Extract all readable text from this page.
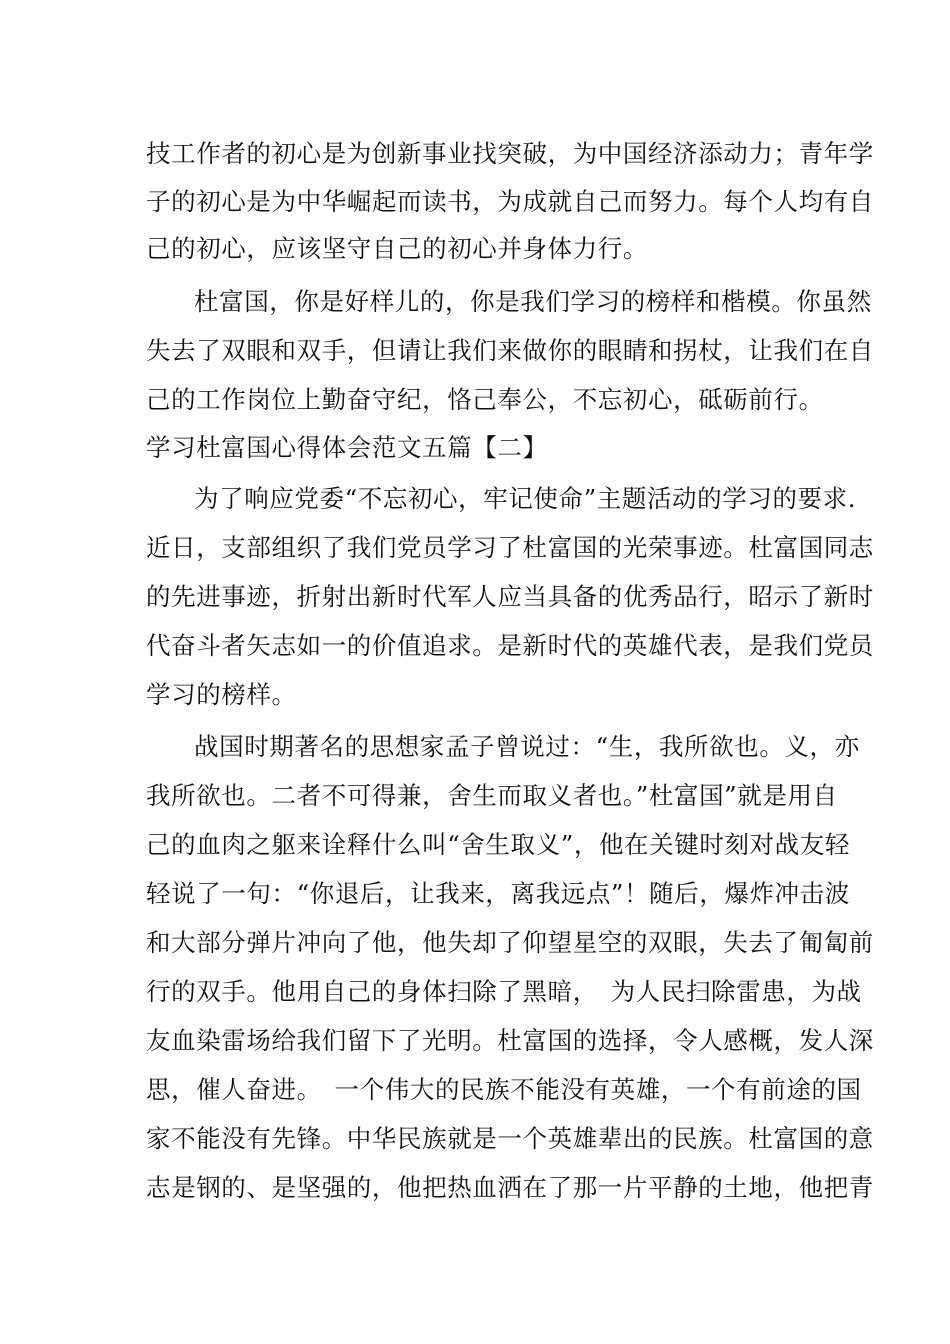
技工作者的初心是为创新事业找突破，为中国经济添动力；青年学
子的初心是为中华崛起而读书，为成就自己而努力。每个人均有自
己的初心，应该坚守自己的初心并身体力行。
杜富国，你是好样儿的，你是我们学习的榜样和楷模。你虽然
失去了双眼和双手，但请让我们来做你的眼睛和拐杖，让我们在自
己的工作岗位上勤奋守纪，恪己奉公，不忘初心，砥砺前行。
学习杜富国心得体会范文五篇【二】
为了响应党委“不忘初心，牢记使命”主题活动的学习的要求.
近日，支部组织了我们党员学习了杜富国的光荣事迹。杜富国同志
的先进事迹，折射出新时代军人应当具备的优秀品行，昭示了新时
代奋斗者矢志如一的价值追求。是新时代的英雄代表，是我们党员
学习的榜样。
战国时期著名的思想家孟子曾说过：“生，我所欲也。义，亦
我所欲也。二者不可得兼，舍生而取义者也。”杜富国”就是用自
己的血肉之躯来诠释什么叫“舍生取义”，他在关键时刻对战友轻
轻说了一句：“你退后，让我来，离我远点”！随后，爆炸冲击波
和大部分弹片冲向了他，他失却了仰望星空的双眼，失去了匍匐前
行的双手。他用自己的身体扫除了黑暗，　为人民扫除雷患，为战
友血染雷场给我们留下了光明。杜富国的选择，令人感概，发人深
思，催人奋进。　一个伟大的民族不能没有英雄，一个有前途的国
家不能没有先锋。中华民族就是一个英雄辈出的民族。杜富国的意
志是钢的、是坚强的，他把热血洒在了那一片平静的土地，他把青
